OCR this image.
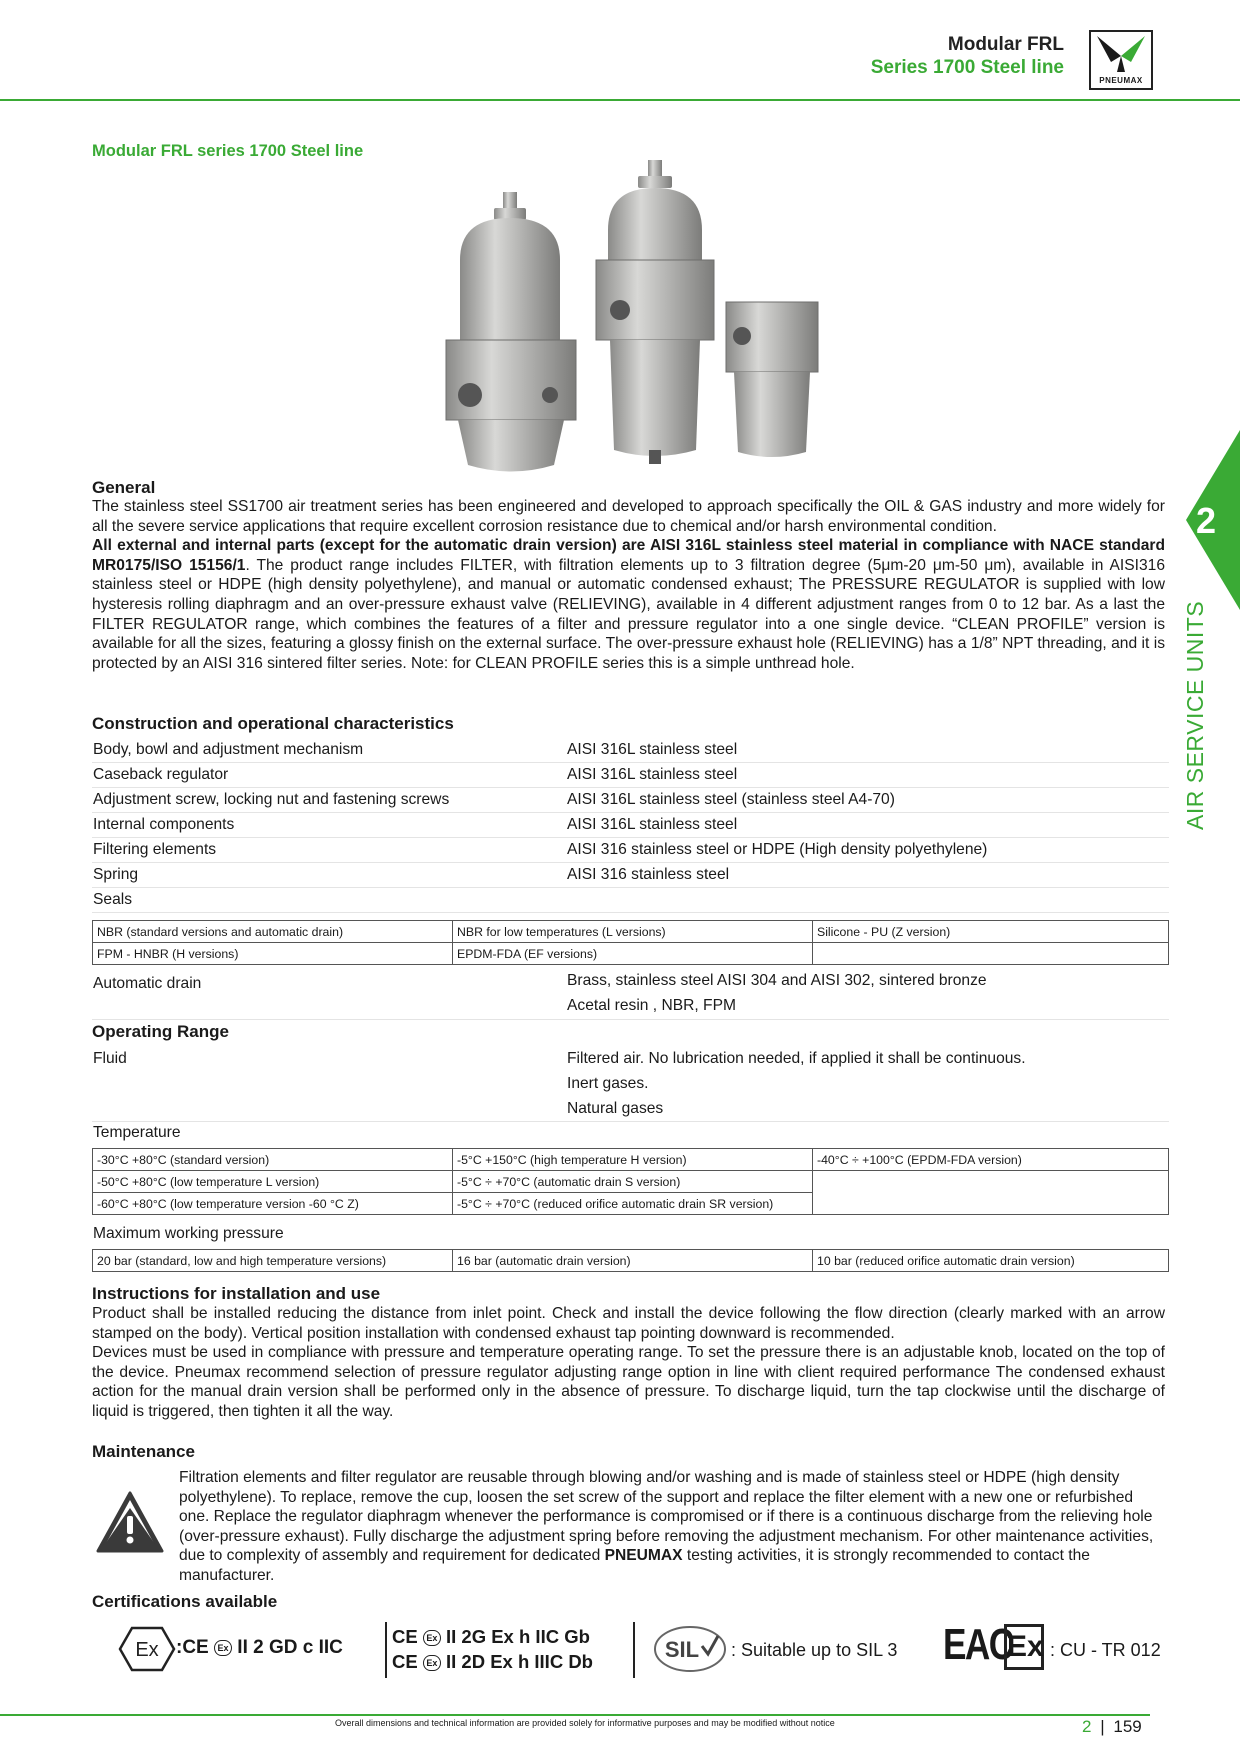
Modular FRL
Series 1700 Steel line
PNEUMAX
2
AIR SERVICE UNITS
Modular FRL series 1700 Steel line
General
The stainless steel SS1700 air treatment series has been engineered and developed to approach specifically the OIL & GAS industry and more widely for all the severe service applications that require excellent corrosion resistance due to chemical and/or harsh environmental condition.
All external and internal parts (except for the automatic drain version) are AISI 316L stainless steel material in compliance with NACE standard MR0175/ISO 15156/1. The product range includes FILTER, with filtration elements up to 3 filtration degree (5μm-20 μm-50 μm), available in AISI316 stainless steel or HDPE (high density polyethylene), and manual or automatic condensed exhaust; The PRESSURE REGULATOR is supplied with low hysteresis rolling diaphragm and an over-pressure exhaust valve (RELIEVING), available in 4 different adjustment ranges from 0 to 12 bar. As a last the FILTER REGULATOR range, which combines the features of a filter and pressure regulator into a one single device. “CLEAN PROFILE” version is available for all the sizes, featuring a glossy finish on the external surface. The over-pressure exhaust hole (RELIEVING) has a 1/8” NPT threading, and it is protected by an AISI 316 sintered filter series. Note: for CLEAN PROFILE series this is a simple unthread hole.
Construction and operational characteristics
Body, bowl and adjustment mechanism	AISI 316L stainless steel
Caseback regulator	AISI 316L stainless steel
Adjustment screw, locking nut and fastening screws	AISI 316L stainless steel (stainless steel A4-70)
Internal components	AISI 316L stainless steel
Filtering elements	AISI 316 stainless steel or HDPE (High density polyethylene)
Spring	AISI 316 stainless steel
Seals
NBR (standard versions and automatic drain)	NBR for low temperatures (L versions)	Silicone - PU (Z version)
FPM - HNBR (H versions)	EPDM-FDA (EF versions)	
Automatic drain	Brass, stainless steel AISI 304 and AISI 302, sintered bronze
Acetal resin , NBR, FPM
Operating Range
Fluid	Filtered air. No lubrication needed, if applied it shall be continuous.
Inert gases.
Natural gases
Temperature
-30°C +80°C (standard version)	-5°C +150°C (high temperature H version)	-40°C ÷ +100°C (EPDM-FDA version)
-50°C +80°C (low temperature L version)	-5°C ÷ +70°C (automatic drain S version)	
-60°C +80°C (low temperature version -60 °C Z)	-5°C ÷ +70°C (reduced orifice automatic drain SR version)	
Maximum working pressure
20 bar (standard, low and high temperature versions)	16 bar (automatic drain version)	10 bar (reduced orifice automatic drain version)
Instructions for installation and use
Product shall be installed reducing the distance from inlet point. Check and install the device following the flow direction (clearly marked with an arrow stamped on the body). Vertical position installation with condensed exhaust tap pointing downward is recommended.
Devices must be used in compliance with pressure and temperature operating range. To set the pressure there is an adjustable knob, located on the top of the device. Pneumax recommend selection of pressure regulator adjusting range option in line with client required performance The condensed exhaust action for the manual drain version shall be performed only in the absence of pressure. To discharge liquid, turn the tap clockwise until the discharge of liquid is triggered, then tighten it all the way.
Maintenance
Filtration elements and filter regulator are reusable through blowing and/or washing and is made of stainless steel or HDPE (high density polyethylene). To replace, remove the cup, loosen the set screw of the support and replace the filter element with a new one or refurbished one. Replace the regulator diaphragm whenever the performance is compromised or if there is a continuous discharge from the relieving hole (over-pressure exhaust). Fully discharge the adjustment spring before removing the adjustment mechanism. For other maintenance activities, due to complexity of assembly and requirement for dedicated PNEUMAX testing activities, it is strongly recommended to contact the manufacturer.
Certifications available
Ex :CE Ex II 2 GD c IIC
CE Ex II 2G Ex h IIC Gb
CE Ex II 2D Ex h IIIC Db	SIL : Suitable up to SIL 3 EAC
Ex : CU - TR 012
Overall dimensions and technical information are provided solely for informative purposes and may be modified without notice	2 | 159
